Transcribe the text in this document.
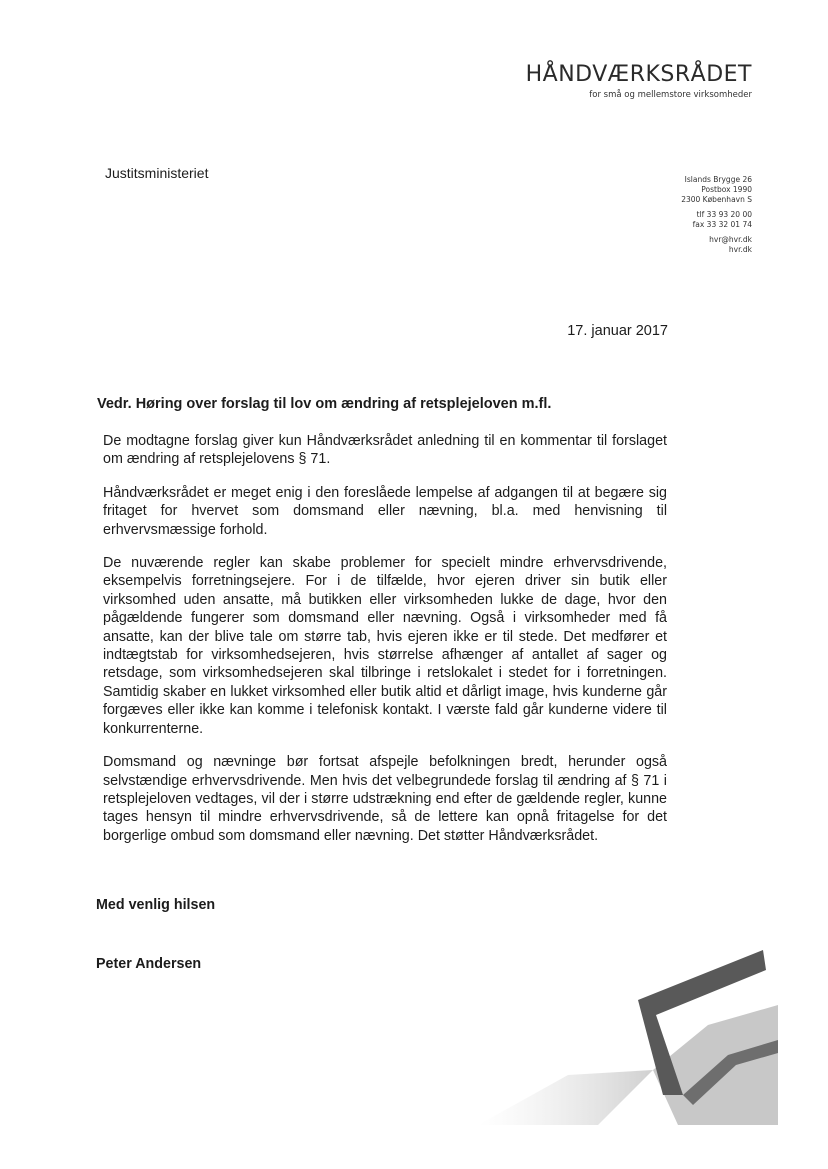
HÅNDVÆRKSRÅDET
for små og mellemstore virksomheder
Justitsministeriet	Islands Brygge 26
Postbox 1990
2300 København S
tlf 33 93 20 00
fax 33 32 01 74
hvr@hvr.dk
hvr.dk
17. januar 2017
Vedr. Høring over forslag til lov om ændring af retsplejeloven m.fl.

De modtagne forslag giver kun Håndværksrådet anledning til en kommentar til forslaget om ændring af retsplejelovens § 71.

Håndværksrådet er meget enig i den foreslåede lempelse af adgangen til at begære sig fritaget for hvervet som domsmand eller nævning, bl.a. med henvisning til erhvervsmæssige forhold.

De nuværende regler kan skabe problemer for specielt mindre erhvervsdrivende, eksempelvis forretningsejere. For i de tilfælde, hvor ejeren driver sin butik eller virksomhed uden ansatte, må butikken eller virksomheden lukke de dage, hvor den pågældende fungerer som domsmand eller nævning. Også i virksomheder med få ansatte, kan der blive tale om større tab, hvis ejeren ikke er til stede. Det medfører et indtægtstab for virksomhedsejeren, hvis størrelse afhænger af antallet af sager og retsdage, som virksomhedsejeren skal tilbringe i retslokalet i stedet for i forretningen. Samtidig skaber en lukket virksomhed eller butik altid et dårligt image, hvis kunderne går forgæves eller ikke kan komme i telefonisk kontakt. I værste fald går kunderne videre til konkurrenterne.

Domsmand og nævninge bør fortsat afspejle befolkningen bredt, herunder også selvstændige erhvervsdrivende. Men hvis det velbegrundede forslag til ændring af § 71 i retsplejeloven vedtages, vil der i større udstrækning end efter de gældende regler, kunne tages hensyn til mindre erhvervsdrivende, så de lettere kan opnå fritagelse for det borgerlige ombud som domsmand eller nævning. Det støtter Håndværksrådet.

Med venlig hilsen
Peter Andersen
